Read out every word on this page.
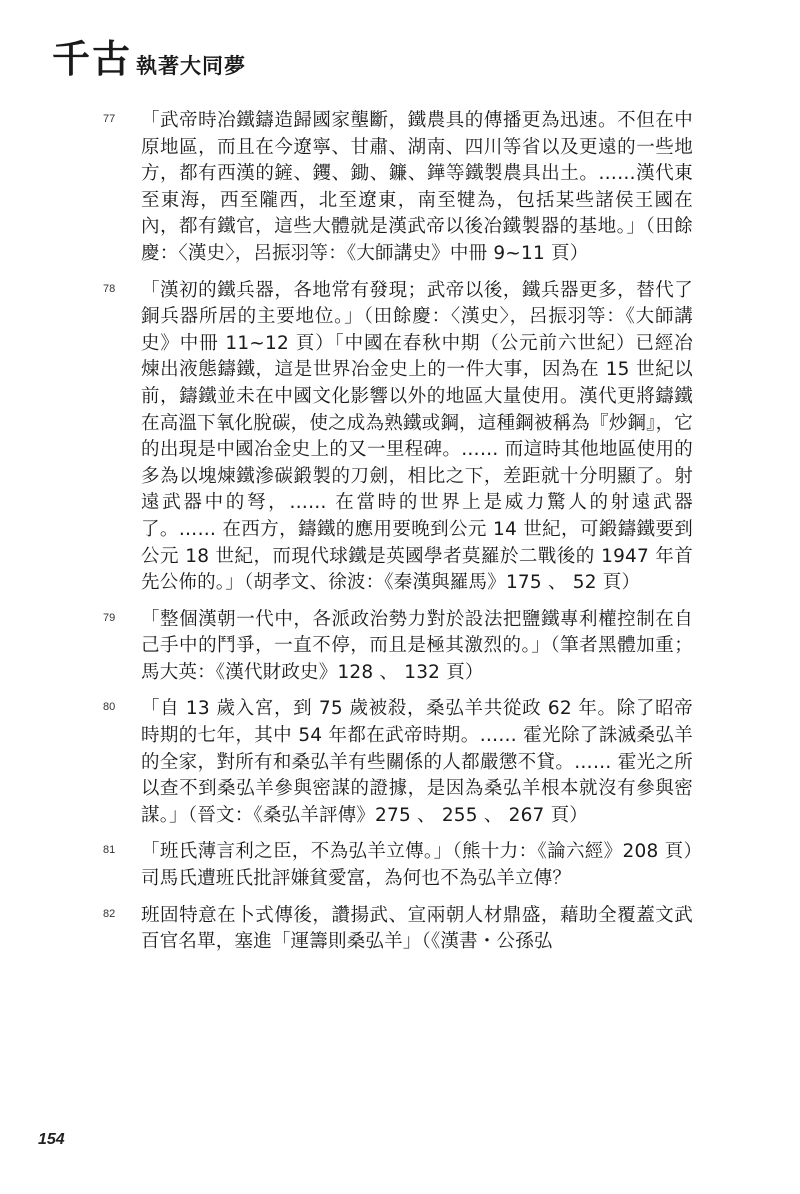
千古 執著大同夢
77 「武帝時冶鐵鑄造歸國家壟斷，鐵農具的傳播更為迅速。不但在中原地區，而且在今遼寧、甘肅、湖南、四川等省以及更遠的一些地方，都有西漢的鏟、钁、鋤、鐮、鏵等鐵製農具出土。……漢代東至東海，西至隴西，北至遼東，南至犍為，包括某些諸侯王國在內，都有鐵官，這些大體就是漢武帝以後冶鐵製器的基地。」（田餘慶：〈漢史〉，呂振羽等：《大師講史》中冊 9~11 頁）

78 「漢初的鐵兵器，各地常有發現；武帝以後，鐵兵器更多，替代了銅兵器所居的主要地位。」（田餘慶：〈漢史〉，呂振羽等：《大師講史》中冊 11~12 頁）「中國在春秋中期（公元前六世紀）已經冶煉出液態鑄鐵，這是世界冶金史上的一件大事，因為在 15 世紀以前，鑄鐵並未在中國文化影響以外的地區大量使用。漢代更將鑄鐵在高溫下氧化脫碳，使之成為熟鐵或鋼，這種鋼被稱為『炒鋼』，它的出現是中國冶金史上的又一里程碑。…… 而這時其他地區使用的多為以塊煉鐵滲碳鍛製的刀劍，相比之下，差距就十分明顯了。射遠武器中的弩，…… 在當時的世界上是威力驚人的射遠武器了。…… 在西方，鑄鐵的應用要晚到公元 14 世紀，可鍛鑄鐵要到公元 18 世紀，而現代球鐵是英國學者莫羅於二戰後的 1947 年首先公佈的。」（胡孝文、徐波：《秦漢與羅馬》175 、 52 頁）

79 「整個漢朝一代中，各派政治勢力對於設法把鹽鐵專利權控制在自己手中的鬥爭，一直不停，而且是極其激烈的。」（筆者黑體加重；馬大英：《漢代財政史》128 、 132 頁）

80 「自 13 歲入宮，到 75 歲被殺，桑弘羊共從政 62 年。除了昭帝時期的七年，其中 54 年都在武帝時期。…… 霍光除了誅滅桑弘羊的全家，對所有和桑弘羊有些關係的人都嚴懲不貸。…… 霍光之所以查不到桑弘羊參與密謀的證據，是因為桑弘羊根本就沒有參與密謀。」（晉文：《桑弘羊評傳》275 、 255 、 267 頁）

81 「班氏薄言利之臣，不為弘羊立傳。」（熊十力：《論六經》208 頁）司馬氏遭班氏批評嫌貧愛富，為何也不為弘羊立傳？

82 班固特意在卜式傳後，讚揚武、宣兩朝人材鼎盛，藉助全覆蓋文武百官名單，塞進「運籌則桑弘羊」（《漢書・公孫弘

154
